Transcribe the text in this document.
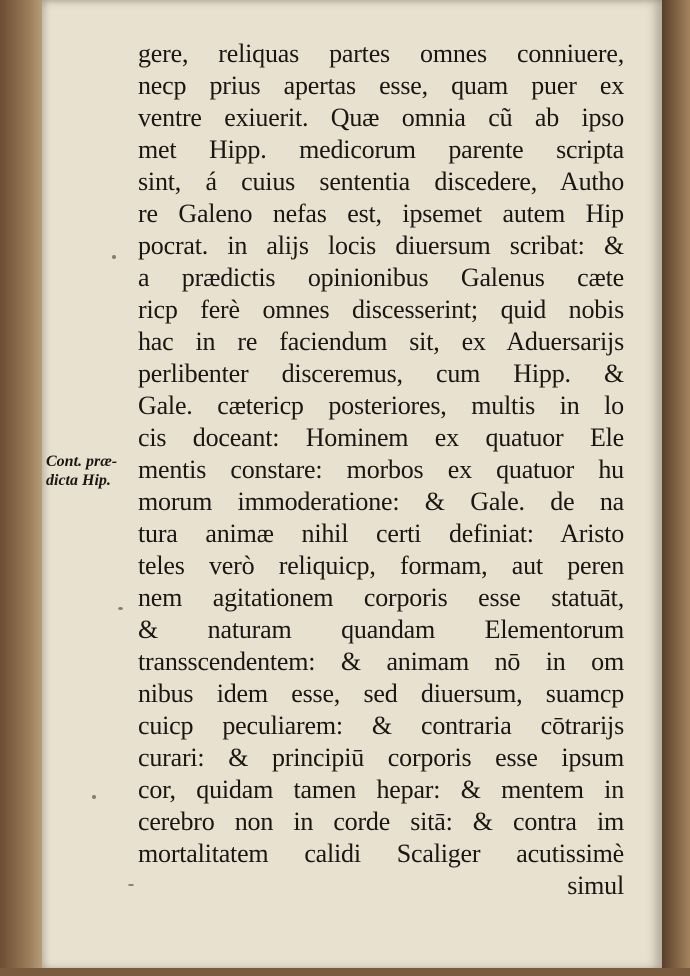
Cont. præ-
dicta Hip.
gere, reliquas partes omnes conniuere,
necp prius apertas esse, quam puer ex
ventre exiuerit. Quæ omnia cũ ab ipso
met Hipp. medicorum parente scripta
sint, á cuius sententia discedere, Autho
re Galeno nefas est, ipsemet autem Hip
pocrat. in alijs locis diuersum scribat: &
a prædictis opinionibus Galenus cæte
ricp ferè omnes discesserint; quid nobis
hac in re faciendum sit, ex Aduersarijs
perlibenter disceremus, cum Hipp. &
Gale. cætericp posteriores, multis in lo
cis doceant: Hominem ex quatuor Ele
mentis constare: morbos ex quatuor hu
morum immoderatione: & Gale. de na
tura animæ nihil certi definiat: Aristo
teles verò reliquicp, formam, aut peren
nem agitationem corporis esse statuāt,
& naturam quandam Elementorum
transscendentem: & animam nō in om
nibus idem esse, sed diuersum, suamcp
cuicp peculiarem: & contraria cōtrarijs
curari: & principiū corporis esse ipsum
cor, quidam tamen hepar: & mentem in
cerebro non in corde sitā: & contra im
mortalitatem calidi Scaliger acutissimè
simul
